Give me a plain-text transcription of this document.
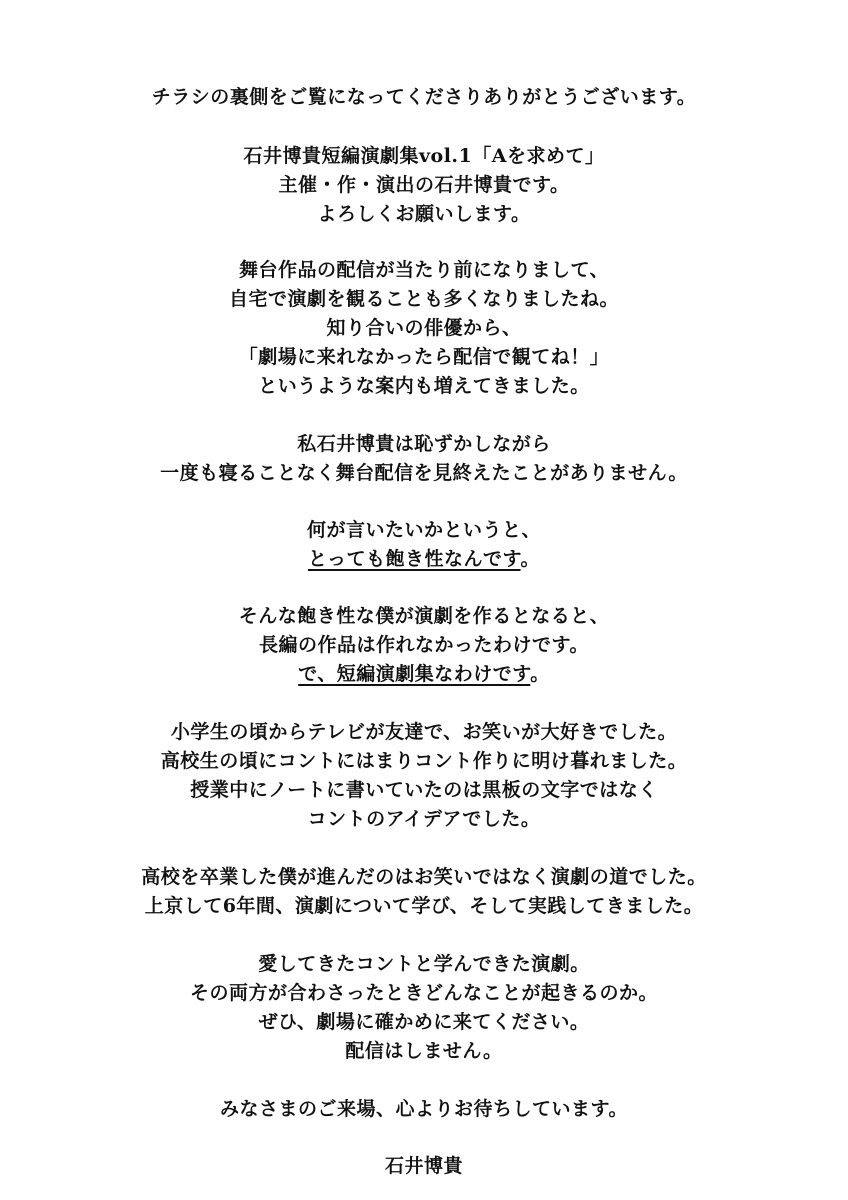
チラシの裏側をご覧になってくださりありがとうございます。
石井博貴短編演劇集vol.1「Aを求めて」
主催・作・演出の石井博貴です。
よろしくお願いします。
舞台作品の配信が当たり前になりまして、
自宅で演劇を観ることも多くなりましたね。
知り合いの俳優から、
「劇場に来れなかったら配信で観てね！」
というような案内も増えてきました。
私石井博貴は恥ずかしながら
一度も寝ることなく舞台配信を見終えたことがありません。
何が言いたいかというと、
とっても飽き性なんです。
そんな飽き性な僕が演劇を作るとなると、
長編の作品は作れなかったわけです。
で、短編演劇集なわけです。
小学生の頃からテレビが友達で、お笑いが大好きでした。
高校生の頃にコントにはまりコント作りに明け暮れました。
授業中にノートに書いていたのは黒板の文字ではなく
コントのアイデアでした。
高校を卒業した僕が進んだのはお笑いではなく演劇の道でした。
上京して6年間、演劇について学び、そして実践してきました。
愛してきたコントと学んできた演劇。
その両方が合わさったときどんなことが起きるのか。
ぜひ、劇場に確かめに来てください。
配信はしません。
みなさまのご来場、心よりお待ちしています。
石井博貴
